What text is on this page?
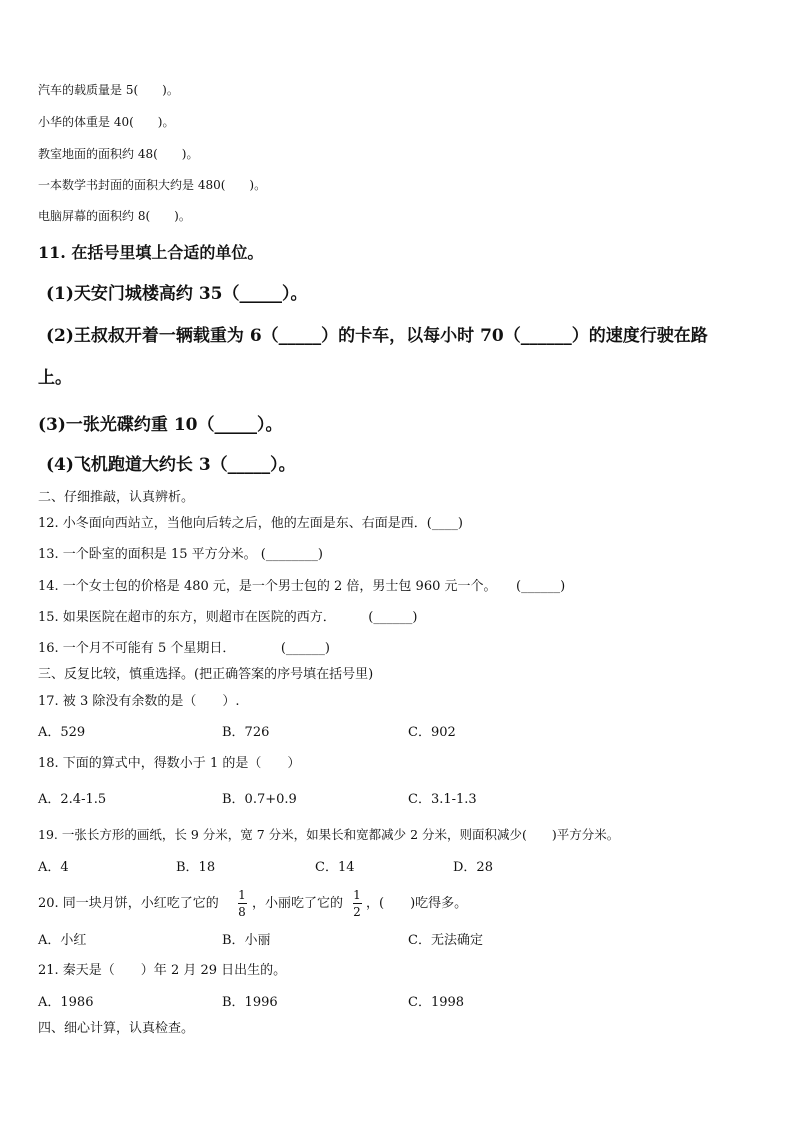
汽车的载质量是 5(　　)。
小华的体重是 40(　　)。
教室地面的面积约 48(　　)。
一本数学书封面的面积大约是 480(　　)。
电脑屏幕的面积约 8(　　)。
11. 在括号里填上合适的单位。
(1)天安门城楼高约 35（_____）。
(2)王叔叔开着一辆载重为 6（_____）的卡车，以每小时 70（______）的速度行驶在路
上。
(3)一张光碟约重 10（_____）。
(4)飞机跑道大约长 3（_____）。
二、仔细推敲，认真辨析。
12. 小冬面向西站立，当他向后转之后，他的左面是东、右面是西．(____)
13. 一个卧室的面积是 15 平方分米。 (________)
14. 一个女士包的价格是 480 元，是一个男士包的 2 倍，男士包 960 元一个。　　(______)
15. 如果医院在超市的东方，则超市在医院的西方．　　　(______)
16. 一个月不可能有 5 个星期日．　　　　(______)
三、反复比较，慎重选择。(把正确答案的序号填在括号里)
17. 被 3 除没有余数的是（　　）.
A．529	B．726	C．902
18. 下面的算式中，得数小于 1 的是（　　）
A．2.4-1.5	B．0.7+0.9	C．3.1-1.3
19. 一张长方形的画纸，长 9 分米，宽 7 分米，如果长和宽都减少 2 分米，则面积减少(　　)平方分米。
A．4	B．18	C．14	D．28
20. 同一块月饼，小红吃了它的
1
8
，小丽吃了它的
1
2
，(　　)吃得多。
A．小红	B．小丽	C．无法确定
21. 秦天是（　　）年 2 月 29 日出生的。
A．1986	B．1996	C．1998
四、细心计算，认真检查。
